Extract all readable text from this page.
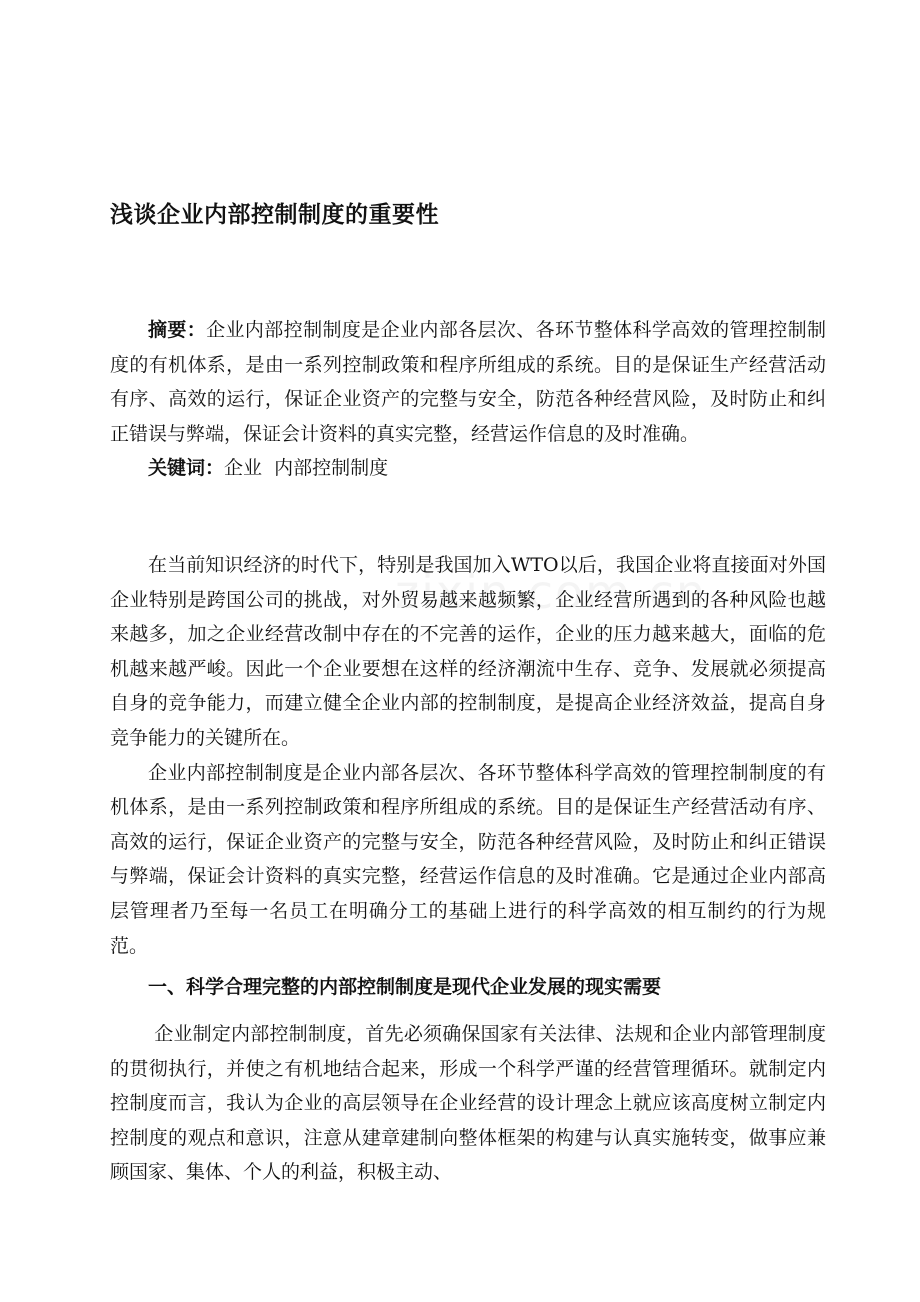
浅谈企业内部控制制度的重要性

摘要：企业内部控制制度是企业内部各层次、各环节整体科学高效的管理控制制度的有机体系，是由一系列控制政策和程序所组成的系统。目的是保证生产经营活动有序、高效的运行，保证企业资产的完整与安全，防范各种经营风险，及时防止和纠正错误与弊端，保证会计资料的真实完整，经营运作信息的及时准确。

关键词：企业  内部控制制度

在当前知识经济的时代下，特别是我国加入WTO以后，我国企业将直接面对外国企业特别是跨国公司的挑战，对外贸易越来越频繁，企业经营所遇到的各种风险也越来越多，加之企业经营改制中存在的不完善的运作，企业的压力越来越大，面临的危机越来越严峻。因此一个企业要想在这样的经济潮流中生存、竞争、发展就必须提高自身的竞争能力，而建立健全企业内部的控制制度，是提高企业经济效益，提高自身竞争能力的关键所在。

企业内部控制制度是企业内部各层次、各环节整体科学高效的管理控制制度的有机体系，是由一系列控制政策和程序所组成的系统。目的是保证生产经营活动有序、高效的运行，保证企业资产的完整与安全，防范各种经营风险，及时防止和纠正错误与弊端，保证会计资料的真实完整，经营运作信息的及时准确。它是通过企业内部高层管理者乃至每一名员工在明确分工的基础上进行的科学高效的相互制约的行为规范。

一、科学合理完整的内部控制制度是现代企业发展的现实需要

企业制定内部控制制度，首先必须确保国家有关法律、法规和企业内部管理制度的贯彻执行，并使之有机地结合起来，形成一个科学严谨的经营管理循环。就制定内控制度而言，我认为企业的高层领导在企业经营的设计理念上就应该高度树立制定内控制度的观点和意识，注意从建章建制向整体框架的构建与认真实施转变，做事应兼顾国家、集体、个人的利益，积极主动、
